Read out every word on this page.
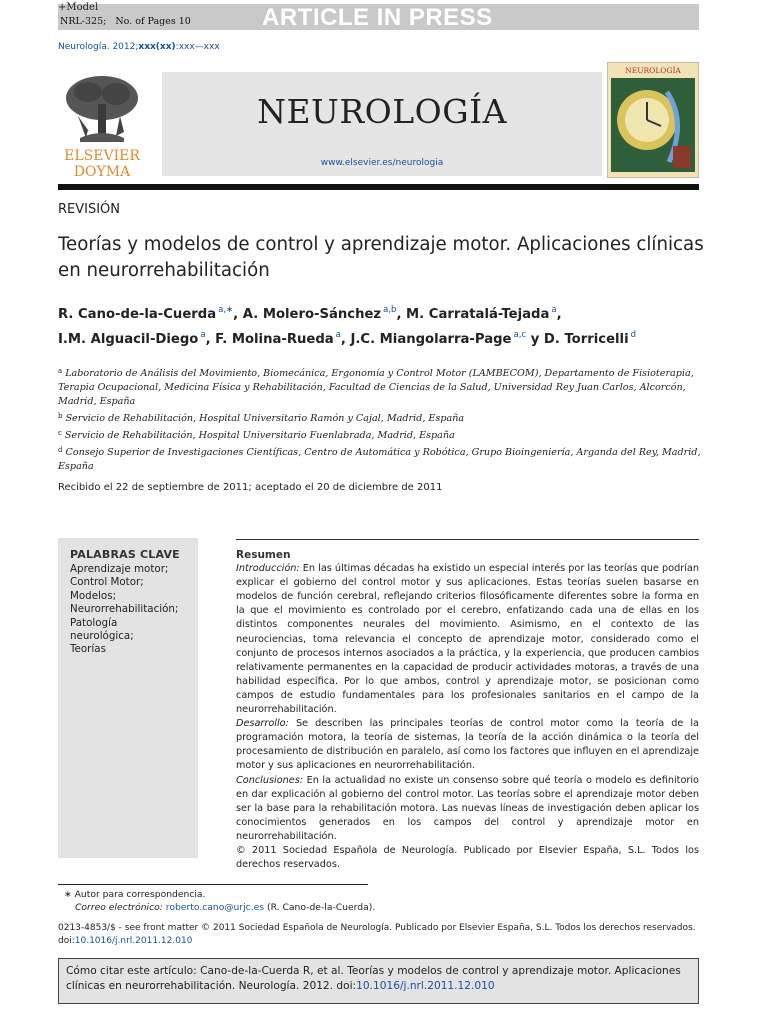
+Model
NRL-325; No. of Pages 10	ARTICLE IN PRESS
Neurología. 2012;xxx(xx):xxx—xxx
ELSEVIER
DOYMA
NEUROLOGÍA
www.elsevier.es/neurologia
NEUROLOGÍA
REVISIÓN
Teorías y modelos de control y aprendizaje motor. Aplicaciones clínicas en neurorrehabilitación
R. Cano-de-la-Cuerda $^{a,∗}$, A. Molero-Sánchez $^{a,b}$, M. Carratalá-Tejada $^a$,
I.M. Alguacil-Diego $^a$, F. Molina-Rueda $^a$, J.C. Miangolarra-Page $^{a,c}$ y D. Torricelli $^d$
$^a$ Laboratorio de Análisis del Movimiento, Biomecánica, Ergonomía y Control Motor (LAMBECOM), Departamento de Fisioterapia, Terapia Ocupacional, Medicina Física y Rehabilitación, Facultad de Ciencias de la Salud, Universidad Rey Juan Carlos, Alcorcón, Madrid, España
$^b$ Servicio de Rehabilitación, Hospital Universitario Ramón y Cajal, Madrid, España
$^c$ Servicio de Rehabilitación, Hospital Universitario Fuenlabrada, Madrid, España
$^d$ Consejo Superior de Investigaciones Científicas, Centro de Automática y Robótica, Grupo Bioingeniería, Arganda del Rey, Madrid, España
Recibido el 22 de septiembre de 2011; aceptado el 20 de diciembre de 2011
PALABRAS CLAVE
Aprendizaje motor;
Control Motor;
Modelos;
Neurorrehabilitación;
Patología
neurológica;
Teorías
Resumen
Introducción: En las últimas décadas ha existido un especial interés por las teorías que podrían explicar el gobierno del control motor y sus aplicaciones. Estas teorías suelen basarse en modelos de función cerebral, reflejando criterios filosóficamente diferentes sobre la forma en la que el movimiento es controlado por el cerebro, enfatizando cada una de ellas en los distintos componentes neurales del movimiento. Asimismo, en el contexto de las neurociencias, toma relevancia el concepto de aprendizaje motor, considerado como el conjunto de procesos internos asociados a la práctica, y la experiencia, que producen cambios relativamente permanentes en la capacidad de producir actividades motoras, a través de una habilidad específica. Por lo que ambos, control y aprendizaje motor, se posicionan como campos de estudio fundamentales para los profesionales sanitarios en el campo de la neurorrehabilitación.
Desarrollo: Se describen las principales teorías de control motor como la teoría de la programación motora, la teoría de sistemas, la teoría de la acción dinámica o la teoría del procesamiento de distribución en paralelo, así como los factores que influyen en el aprendizaje motor y sus aplicaciones en neurorrehabilitación.
Conclusiones: En la actualidad no existe un consenso sobre qué teoría o modelo es definitorio en dar explicación al gobierno del control motor. Las teorías sobre el aprendizaje motor deben ser la base para la rehabilitación motora. Las nuevas líneas de investigación deben aplicar los conocimientos generados en los campos del control y aprendizaje motor en neurorrehabilitación.
© 2011 Sociedad Española de Neurología. Publicado por Elsevier España, S.L. Todos los derechos reservados.
∗ Autor para correspondencia.
Correo electrónico: roberto.cano@urjc.es (R. Cano-de-la-Cuerda).
0213-4853/$ - see front matter © 2011 Sociedad Española de Neurología. Publicado por Elsevier España, S.L. Todos los derechos reservados.
doi:10.1016/j.nrl.2011.12.010
Cómo citar este artículo: Cano-de-la-Cuerda R, et al. Teorías y modelos de control y aprendizaje motor. Aplicaciones clínicas en neurorrehabilitación. Neurología. 2012. doi:10.1016/j.nrl.2011.12.010
